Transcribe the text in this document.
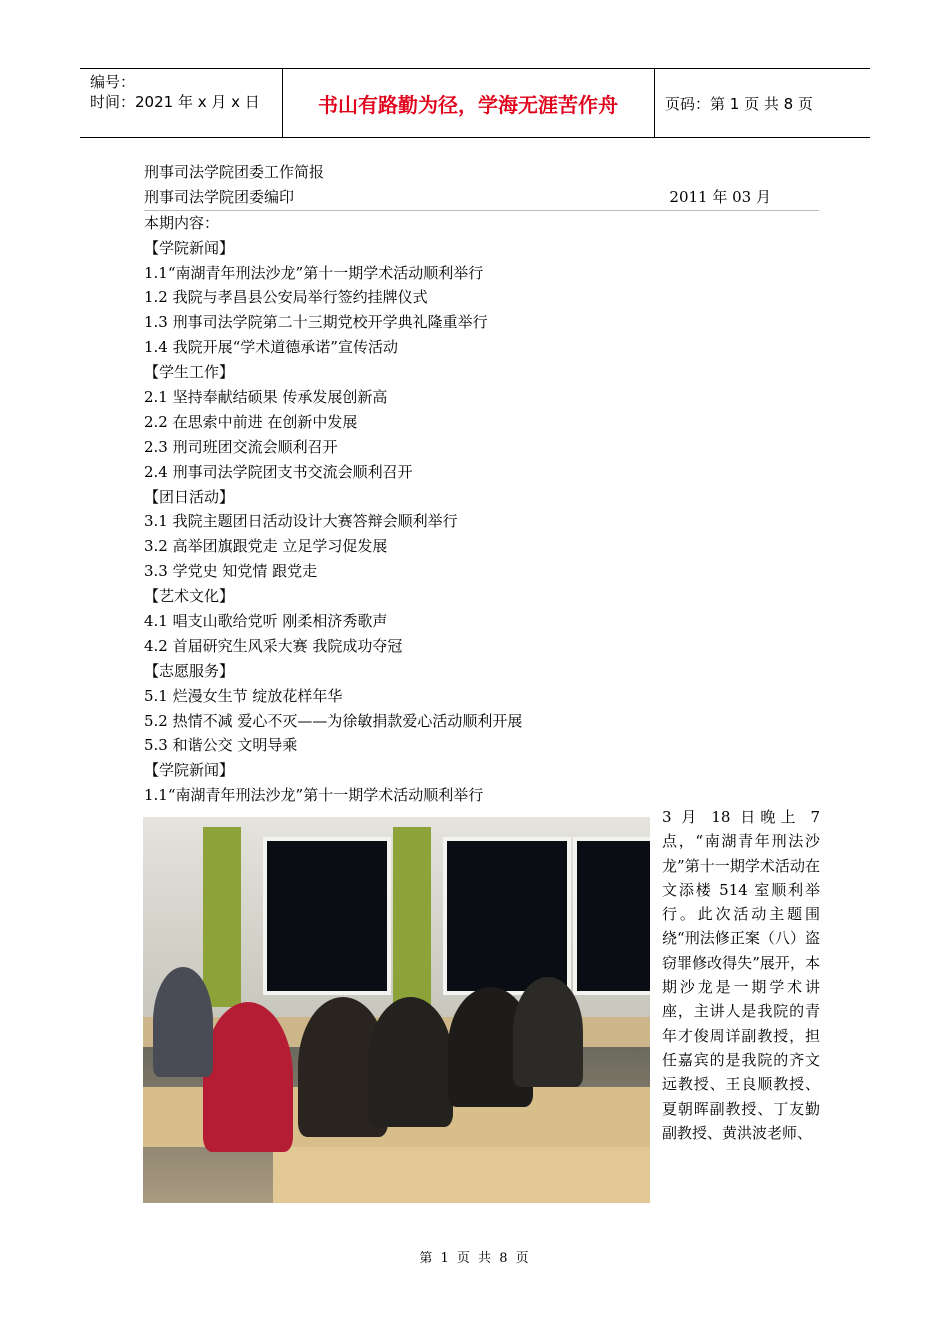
编号：
时间：2021 年 x 月 x 日	书山有路勤为径，学海无涯苦作舟	页码：第 1 页 共 8 页
刑事司法学院团委工作简报
刑事司法学院团委编印	2011 年 03 月
本期内容：
【学院新闻】
1.1“南湖青年刑法沙龙”第十一期学术活动顺利举行
1.2 我院与孝昌县公安局举行签约挂牌仪式
1.3 刑事司法学院第二十三期党校开学典礼隆重举行
1.4 我院开展“学术道德承诺”宣传活动
【学生工作】
2.1 坚持奉献结硕果 传承发展创新高
2.2 在思索中前进 在创新中发展
2.3 刑司班团交流会顺利召开
2.4 刑事司法学院团支书交流会顺利召开
【团日活动】
3.1 我院主题团日活动设计大赛答辩会顺利举行
3.2 高举团旗跟党走 立足学习促发展
3.3 学党史 知党情 跟党走
【艺术文化】
4.1 唱支山歌给党听 刚柔相济秀歌声
4.2 首届研究生风采大赛 我院成功夺冠
【志愿服务】
5.1 烂漫女生节 绽放花样年华
5.2 热情不减 爱心不灭——为徐敏捐款爱心活动顺利开展
5.3 和谐公交 文明导乘
【学院新闻】
1.1“南湖青年刑法沙龙”第十一期学术活动顺利举行
3 月 18 日晚上 7 点，“南湖青年刑法沙龙”第十一期学术活动在文添楼 514 室顺利举行。此次活动主题围绕“刑法修正案（八）盗窃罪修改得失”展开，本期沙龙是一期学术讲座，主讲人是我院的青年才俊周详副教授，担任嘉宾的是我院的齐文远教授、王良顺教授、夏朝晖副教授、丁友勤副教授、黄洪波老师、
第 1 页 共 8 页
